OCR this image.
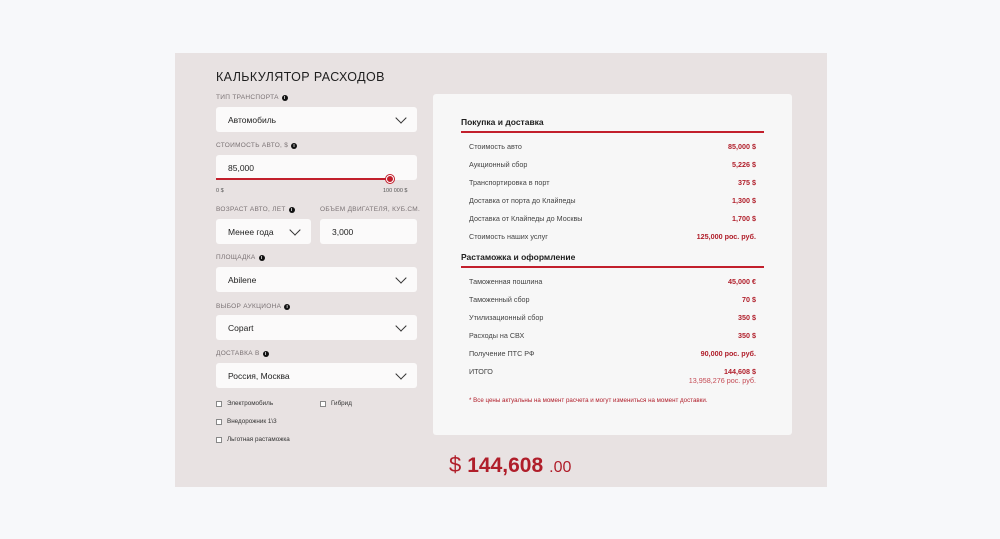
КАЛЬКУЛЯТОР РАСХОДОВ
ТИП ТРАНСПОРТА	I
Автомобиль
СТОИМОСТЬ АВТО, $	I
85,000
0 $	100 000 $
ВОЗРАСТ АВТО, ЛЕТ	I
Менее года
ОБЪЕМ ДВИГАТЕЛЯ, КУБ.СМ.
3,000
ПЛОЩАДКА	I
Abilene
ВЫБОР АУКЦИОНА	I
Copart
ДОСТАВКА В	I
Россия, Москва
Электромобиль	Гибрид
Внедорожник 1\3
Льготная растаможка
Покупка и доставка
Стоимость авто	85,000 $
Аукционный сбор	5,226 $
Транспортировка в порт	375 $
Доставка от порта до Клайпеды	1,300 $
Доставка от Клайпеды до Москвы	1,700 $
Стоимость наших услуг	125,000 рос. руб.
Растаможка и оформление
Таможенная пошлина	45,000 €
Таможенный сбор	70 $
Утилизационный сбор	350 $
Расходы на СВХ	350 $
Получение ПТС РФ	90,000 рос. руб.
ИТОГО	144,608 $
13,958,276 рос. руб.
* Все цены актуальны на момент расчета и могут измениться на момент доставки.
$ 144,608 .00
